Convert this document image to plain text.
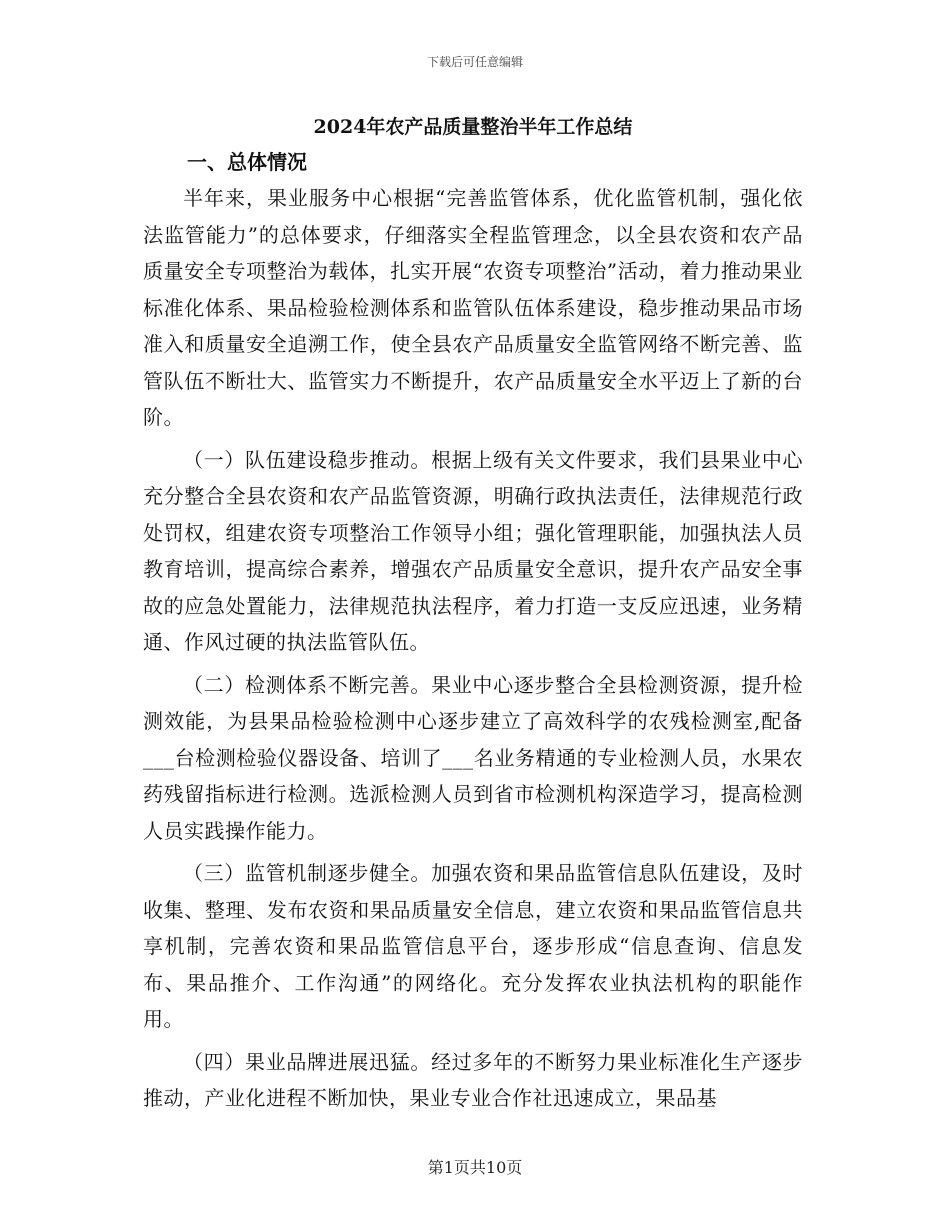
下载后可任意编辑
2024年农产品质量整治半年工作总结
一、总体情况

半年来，果业服务中心根据“完善监管体系，优化监管机制，强化依法监管能力”的总体要求，仔细落实全程监管理念，以全县农资和农产品质量安全专项整治为载体，扎实开展“农资专项整治”活动，着力推动果业标准化体系、果品检验检测体系和监管队伍体系建设，稳步推动果品市场准入和质量安全追溯工作，使全县农产品质量安全监管网络不断完善、监管队伍不断壮大、监管实力不断提升，农产品质量安全水平迈上了新的台阶。

（一）队伍建设稳步推动。根据上级有关文件要求，我们县果业中心充分整合全县农资和农产品监管资源，明确行政执法责任，法律规范行政处罚权，组建农资专项整治工作领导小组；强化管理职能，加强执法人员教育培训，提高综合素养，增强农产品质量安全意识，提升农产品安全事故的应急处置能力，法律规范执法程序，着力打造一支反应迅速，业务精通、作风过硬的执法监管队伍。

（二）检测体系不断完善。果业中心逐步整合全县检测资源，提升检测效能，为县果品检验检测中心逐步建立了高效科学的农残检测室,配备___台检测检验仪器设备、培训了___名业务精通的专业检测人员，水果农药残留指标进行检测。选派检测人员到省市检测机构深造学习，提高检测人员实践操作能力。

（三）监管机制逐步健全。加强农资和果品监管信息队伍建设，及时收集、整理、发布农资和果品质量安全信息，建立农资和果品监管信息共享机制，完善农资和果品监管信息平台，逐步形成“信息查询、信息发布、果品推介、工作沟通”的网络化。充分发挥农业执法机构的职能作用。

（四）果业品牌进展迅猛。经过多年的不断努力果业标准化生产逐步推动，产业化进程不断加快，果业专业合作社迅速成立，果品基

第1页共10页
